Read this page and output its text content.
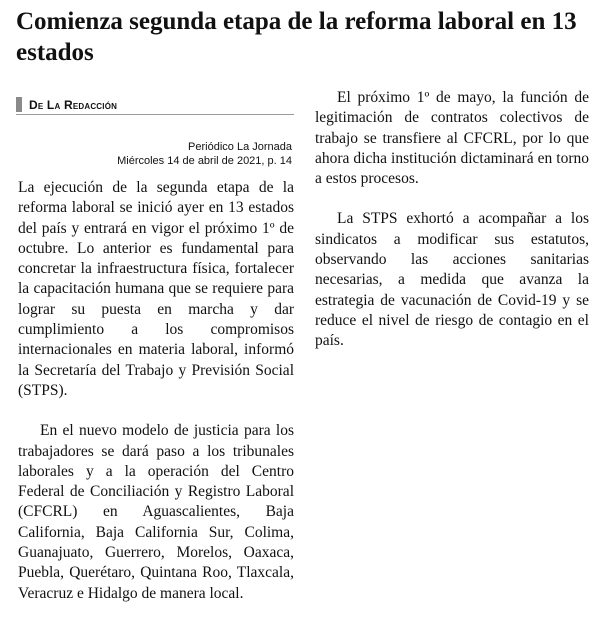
Comienza segunda etapa de la reforma laboral en 13 estados
De La Redacción
Periódico La Jornada
Miércoles 14 de abril de 2021, p. 14

La ejecución de la segunda etapa de la reforma laboral se inició ayer en 13 estados del país y entrará en vigor el próximo 1º de octubre. Lo anterior es fundamental para concretar la infraestructura física, fortalecer la capacitación humana que se requiere para lograr su puesta en marcha y dar cumplimiento a los compromisos internacionales en materia laboral, informó la Secretaría del Trabajo y Previsión Social (STPS).

En el nuevo modelo de justicia para los trabajadores se dará paso a los tribunales laborales y a la operación del Centro Federal de Conciliación y Registro Laboral (CFCRL) en Aguascalientes, Baja California, Baja California Sur, Colima, Guanajuato, Guerrero, Morelos, Oaxaca, Puebla, Querétaro, Quintana Roo, Tlaxcala, Veracruz e Hidalgo de manera local.

El próximo 1º de mayo, la función de legitimación de contratos colectivos de trabajo se transfiere al CFCRL, por lo que ahora dicha institución dictaminará en torno a estos procesos.

La STPS exhortó a acompañar a los sindicatos a modificar sus estatutos, observando las acciones sanitarias necesarias, a medida que avanza la estrategia de vacunación de Covid-19 y se reduce el nivel de riesgo de contagio en el país.
